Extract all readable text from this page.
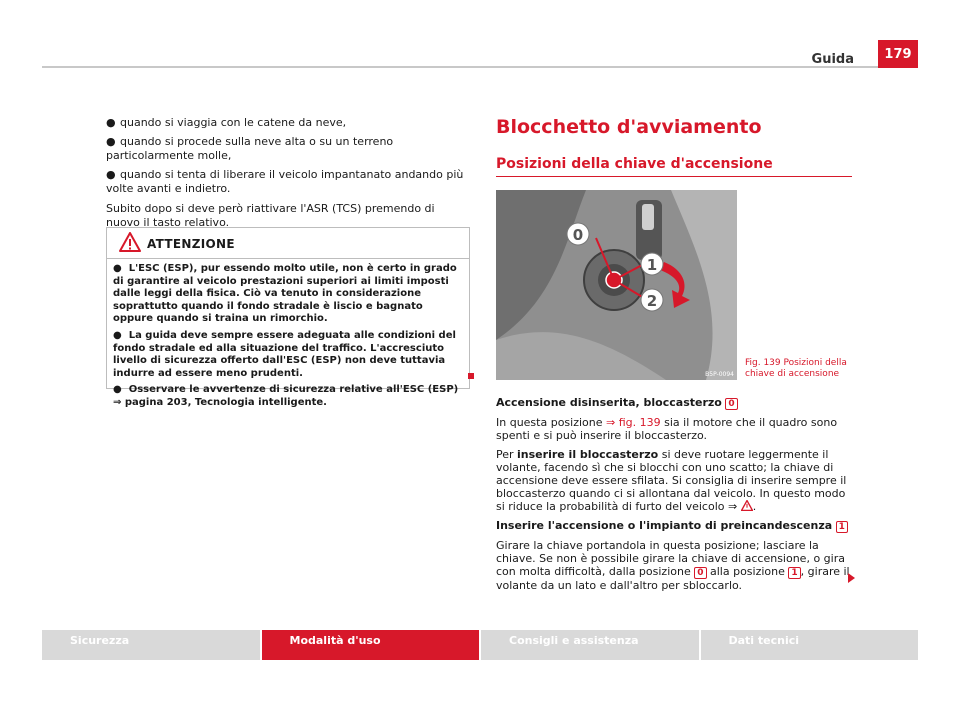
Guida	179
● quando si viaggia con le catene da neve,
● quando si procede sulla neve alta o su un terreno particolarmente molle,
● quando si tenta di liberare il veicolo impantanato andando più volte avanti e indietro.

Subito dopo si deve però riattivare l'ASR (TCS) premendo di nuovo il tasto relativo.

ATTENZIONE

●  L'ESC (ESP), pur essendo molto utile, non è certo in grado di garantire al veicolo prestazioni superiori ai limiti imposti dalle leggi della fisica. Ciò va tenuto in considerazione soprattutto quando il fondo stradale è liscio e bagnato oppure quando si traina un rimorchio.

●  La guida deve sempre essere adeguata alle condizioni del fondo stradale ed alla situazione del traffico. L'accresciuto livello di sicurezza offerto dall'ESC (ESP) non deve tuttavia indurre ad essere meno prudenti.

●  Osservare le avvertenze di sicurezza relative all'ESC (ESP) ⇒ pagina 203, Tecnologia intelligente.

Blocchetto d'avviamento
Posizioni della chiave d'accensione
0
1
2
B5P-0094
Fig. 139 Posizioni della chiave di accensione

Accensione disinserita, bloccasterzo 0

In questa posizione ⇒ fig. 139 sia il motore che il quadro sono spenti e si può inserire il bloccasterzo.

Per inserire il bloccasterzo si deve ruotare leggermente il volante, facendo sì che si blocchi con uno scatto; la chiave di accensione deve essere sfilata. Si consiglia di inserire sempre il bloccasterzo quando ci si allontana dal veicolo. In questo modo si riduce la probabilità di furto del veicolo ⇒ .

Inserire l'accensione o l'impianto di preincandescenza 1

Girare la chiave portandola in questa posizione; lasciare la chiave. Se non è possibile girare la chiave di accensione, o gira con molta difficoltà, dalla posizione 0 alla posizione 1 , girare il volante da un lato e dall'altro per sbloccarlo.

Sicurezza	Modalità d'uso	Consigli e assistenza	Dati tecnici
